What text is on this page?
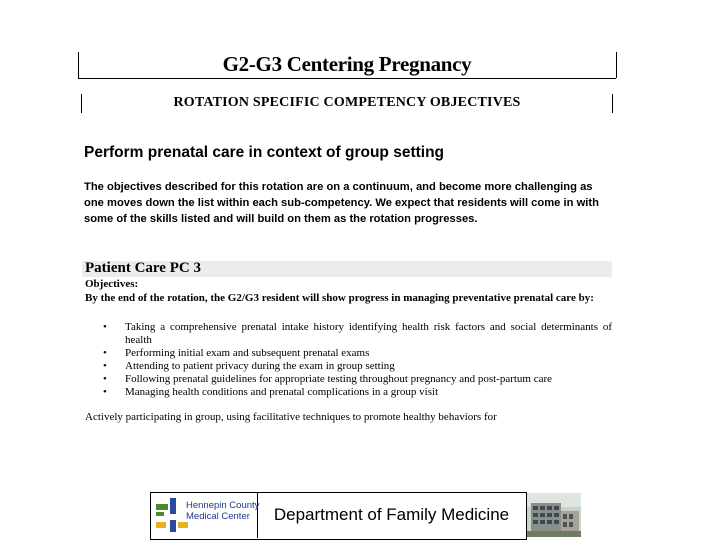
G2-G3 Centering Pregnancy
ROTATION SPECIFIC COMPETENCY OBJECTIVES
Perform prenatal care in context of group setting
The objectives described for this rotation are on a continuum, and become more challenging as one moves down the list within each sub-competency. We expect that residents will come in with some of the skills listed and will build on them as the rotation progresses.
Patient Care PC 3
Objectives:
By the end of the rotation, the G2/G3 resident will show progress in managing preventative prenatal care by:
• Taking a comprehensive prenatal intake history identifying health risk factors and social determinants of health
• Performing initial exam and subsequent prenatal exams
• Attending to patient privacy during the exam in group setting
• Following prenatal guidelines for appropriate testing throughout pregnancy and post-partum care
• Managing health conditions and prenatal complications in a group visit
Actively participating in group, using facilitative techniques to promote healthy behaviors for
Hennepin County
Medical Center	Department of Family Medicine
